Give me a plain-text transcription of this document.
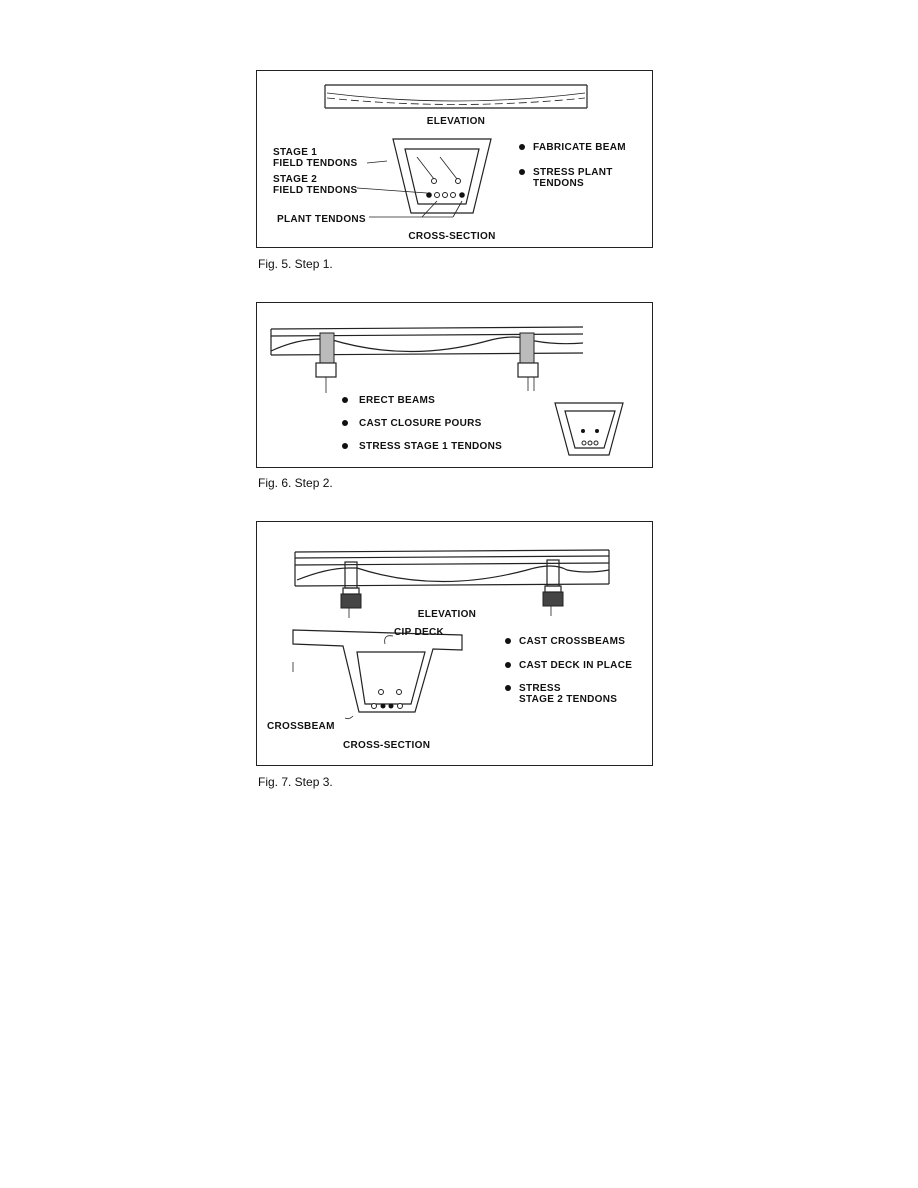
ELEVATION
STAGE 1
FIELD TENDONS
STAGE 2
FIELD TENDONS
PLANT TENDONS
CROSS-SECTION
FABRICATE BEAM
STRESS PLANT
TENDONS
Fig. 5. Step 1.
ERECT BEAMS
CAST CLOSURE POURS
STRESS STAGE 1 TENDONS
Fig. 6. Step 2.
ELEVATION
CIP DECK
CROSSBEAM
CROSS-SECTION
CAST CROSSBEAMS
CAST DECK IN PLACE
STRESS
STAGE 2 TENDONS
Fig. 7. Step 3.
